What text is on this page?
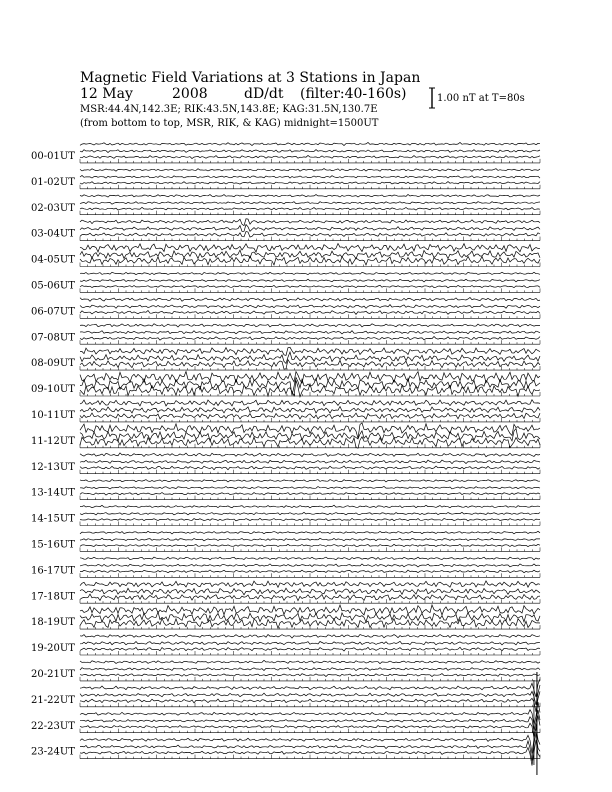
Magnetic Field Variations at 3 Stations in Japan
12 May	2008	dD/dt (filter:40-160s)
MSR:44.4N,142.3E; RIK:43.5N,143.8E; KAG:31.5N,130.7E
(from bottom to top, MSR, RIK, & KAG) midnight=1500UT
1.00 nT at T=80s
00-01UT
01-02UT
02-03UT
03-04UT
04-05UT
05-06UT
06-07UT
07-08UT
08-09UT
09-10UT
10-11UT
11-12UT
12-13UT
13-14UT
14-15UT
15-16UT
16-17UT
17-18UT
18-19UT
19-20UT
20-21UT
21-22UT
22-23UT
23-24UT
